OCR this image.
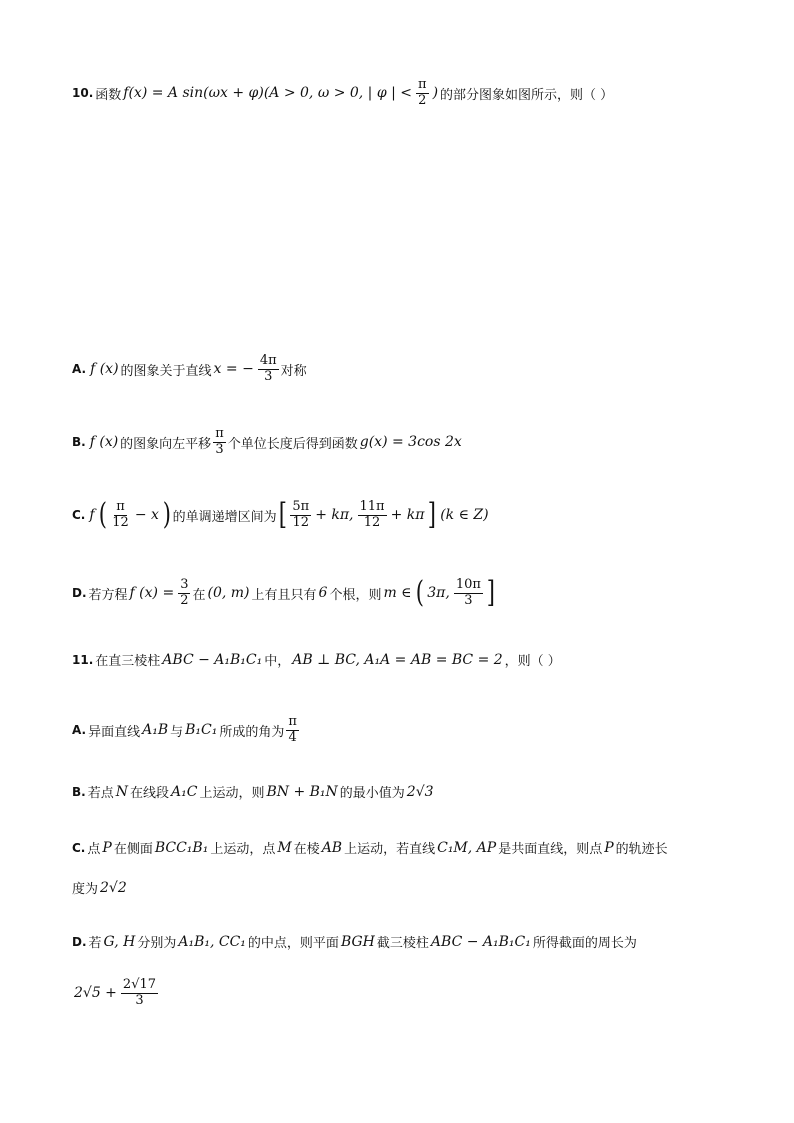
10. 函数 f(x) = A sin(ωx + φ)(A > 0, ω > 0, | φ | < $\frac{\pi}{2}$ ) 的部分图象如图所示，则（ ）
A. f (x) 的图象关于直线 x = − $\frac{4\pi}{3}$ 对称
B. f (x) 的图象向左平移 $\frac{\pi}{3}$ 个单位长度后得到函数 g(x) = 3cos 2x
C. f ( $\frac{\pi}{12} - x$ ) 的单调递增区间为 [ $\frac{5\pi}{12} + k\pi$, $\frac{11\pi}{12} + k\pi$ ] (k ∈ Z)
D. 若方程 f $(x) = \frac{3}{2}$ 在 (0, m) 上有且只有 6 个根，则 m ∈ ( 3π, $\frac{10\pi}{3}$ ]
11. 在直三棱柱 ABC − A₁B₁C₁ 中， AB ⊥ BC, A₁A = AB = BC = 2 ，则（ ）
A. 异面直线 A₁B 与 B₁C₁ 所成的角为 $\frac{\pi}{4}$
B. 若点 N 在线段 A₁C 上运动，则 BN + B₁N 的最小值为 2√3
C. 点 P 在侧面 BCC₁B₁ 上运动，点 M 在棱 AB 上运动，若直线 C₁M, AP 是共面直线，则点 P 的轨迹长
度为 2√2
D. 若 G, H 分别为 A₁B₁, CC₁ 的中点，则平面 BGH 截三棱柱 ABC − A₁B₁C₁ 所得截面的周长为
$2√5 + \frac{2√17}{3}$
